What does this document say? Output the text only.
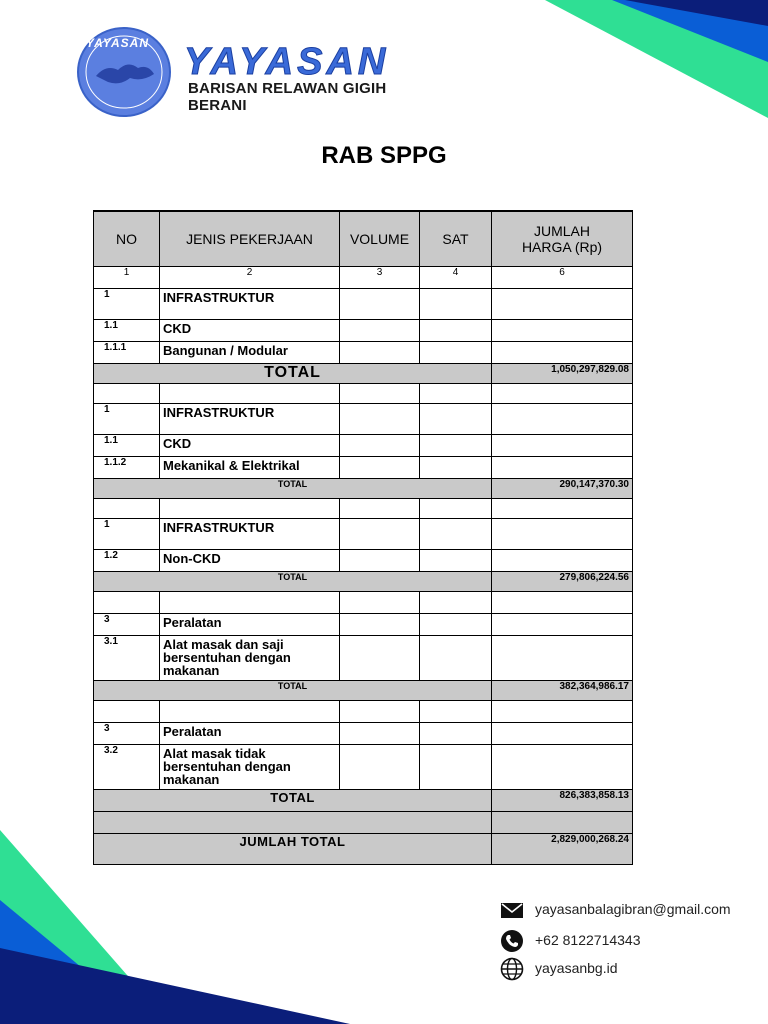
YAYASAN YAYASAN
BARISAN RELAWAN GIGIH BERANI
RAB SPPG
NO	JENIS PEKERJAAN	VOLUME	SAT	JUMLAH
HARGA (Rp)

1	2	3	4	6
1	INFRASTRUKTUR			
1.1	CKD			
1.1.1	Bangunan / Modular			
TOTAL				1,050,297,829.08

1	INFRASTRUKTUR			
1.1	CKD			
1.1.2	Mekanikal & Elektrikal			
TOTAL				290,147,370.30

1	INFRASTRUKTUR			
1.2	Non-CKD			
TOTAL				279,806,224.56

3	Peralatan			
3.1	Alat masak dan saji bersentuhan dengan makanan			
TOTAL				382,364,986.17

3	Peralatan			
3.2	Alat masak tidak bersentuhan dengan makanan			
TOTAL				826,383,858.13

JUMLAH TOTAL				2,829,000,268.24
yayasanbalagibran@gmail.com
+62 8122714343
yayasanbg.id
